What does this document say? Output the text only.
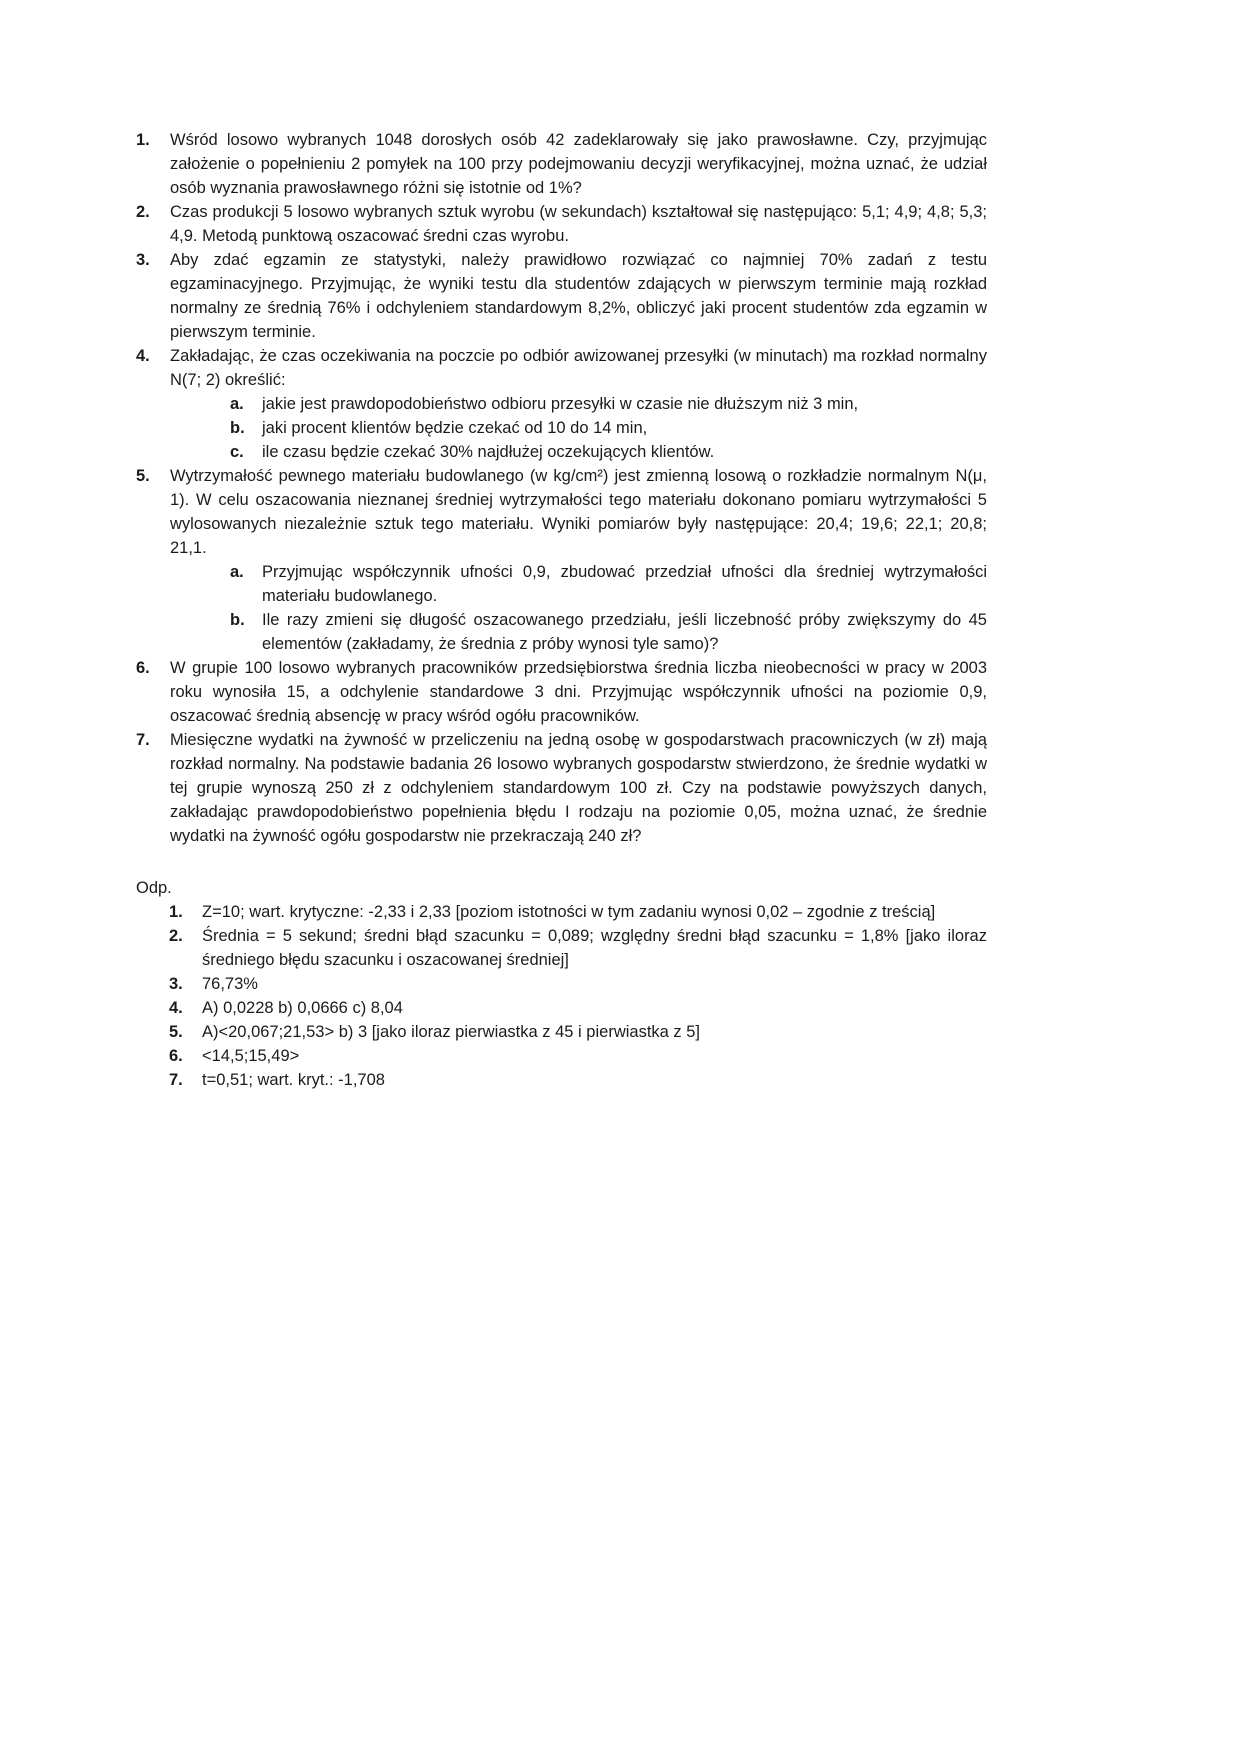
1.	Wśród losowo wybranych 1048 dorosłych osób 42 zadeklarowały się jako prawosławne. Czy, przyjmując założenie o popełnieniu 2 pomyłek na 100 przy podejmowaniu decyzji weryfikacyjnej, można uznać, że udział osób wyznania prawosławnego różni się istotnie od 1%?
2.	Czas produkcji 5 losowo wybranych sztuk wyrobu (w sekundach) kształtował się następująco: 5,1; 4,9; 4,8; 5,3; 4,9. Metodą punktową oszacować średni czas wyrobu.
3.	Aby zdać egzamin ze statystyki, należy prawidłowo rozwiązać co najmniej 70% zadań z testu egzaminacyjnego. Przyjmując, że wyniki testu dla studentów zdających w pierwszym terminie mają rozkład normalny ze średnią 76% i odchyleniem standardowym 8,2%, obliczyć jaki procent studentów zda egzamin w pierwszym terminie.
4.	Zakładając, że czas oczekiwania na poczcie po odbiór awizowanej przesyłki (w minutach) ma rozkład normalny N(7; 2) określić:
a.	jakie jest prawdopodobieństwo odbioru przesyłki w czasie nie dłuższym niż 3 min,
b.	jaki procent klientów będzie czekać od 10 do 14 min,
c.	ile czasu będzie czekać 30% najdłużej oczekujących klientów.
5.	Wytrzymałość pewnego materiału budowlanego (w kg/cm²) jest zmienną losową o rozkładzie normalnym N(μ, 1). W celu oszacowania nieznanej średniej wytrzymałości tego materiału dokonano pomiaru wytrzymałości 5 wylosowanych niezależnie sztuk tego materiału. Wyniki pomiarów były następujące: 20,4; 19,6; 22,1; 20,8; 21,1.
a.	Przyjmując współczynnik ufności 0,9, zbudować przedział ufności dla średniej wytrzymałości materiału budowlanego.
b.	Ile razy zmieni się długość oszacowanego przedziału, jeśli liczebność próby zwiększymy do 45 elementów (zakładamy, że średnia z próby wynosi tyle samo)?
6.	W grupie 100 losowo wybranych pracowników przedsiębiorstwa średnia liczba nieobecności w pracy w 2003 roku wynosiła 15, a odchylenie standardowe 3 dni. Przyjmując współczynnik ufności na poziomie 0,9, oszacować średnią absencję w pracy wśród ogółu pracowników.
7.	Miesięczne wydatki na żywność w przeliczeniu na jedną osobę w gospodarstwach pracowniczych (w zł) mają rozkład normalny. Na podstawie badania 26 losowo wybranych gospodarstw stwierdzono, że średnie wydatki w tej grupie wynoszą 250 zł z odchyleniem standardowym 100 zł. Czy na podstawie powyższych danych, zakładając prawdopodobieństwo popełnienia błędu I rodzaju na poziomie 0,05, można uznać, że średnie wydatki na żywność ogółu gospodarstw nie przekraczają 240 zł?
Odp.
1.	Z=10; wart. krytyczne: -2,33 i 2,33 [poziom istotności w tym zadaniu wynosi 0,02 – zgodnie z treścią]
2.	Średnia = 5 sekund; średni błąd szacunku = 0,089; względny średni błąd szacunku = 1,8% [jako iloraz średniego błędu szacunku i oszacowanej średniej]
3.	76,73%
4.	A) 0,0228 b) 0,0666 c) 8,04
5.	A)<20,067;21,53> b) 3 [jako iloraz pierwiastka z 45 i pierwiastka z 5]
6.	<14,5;15,49>
7.	t=0,51; wart. kryt.: -1,708
